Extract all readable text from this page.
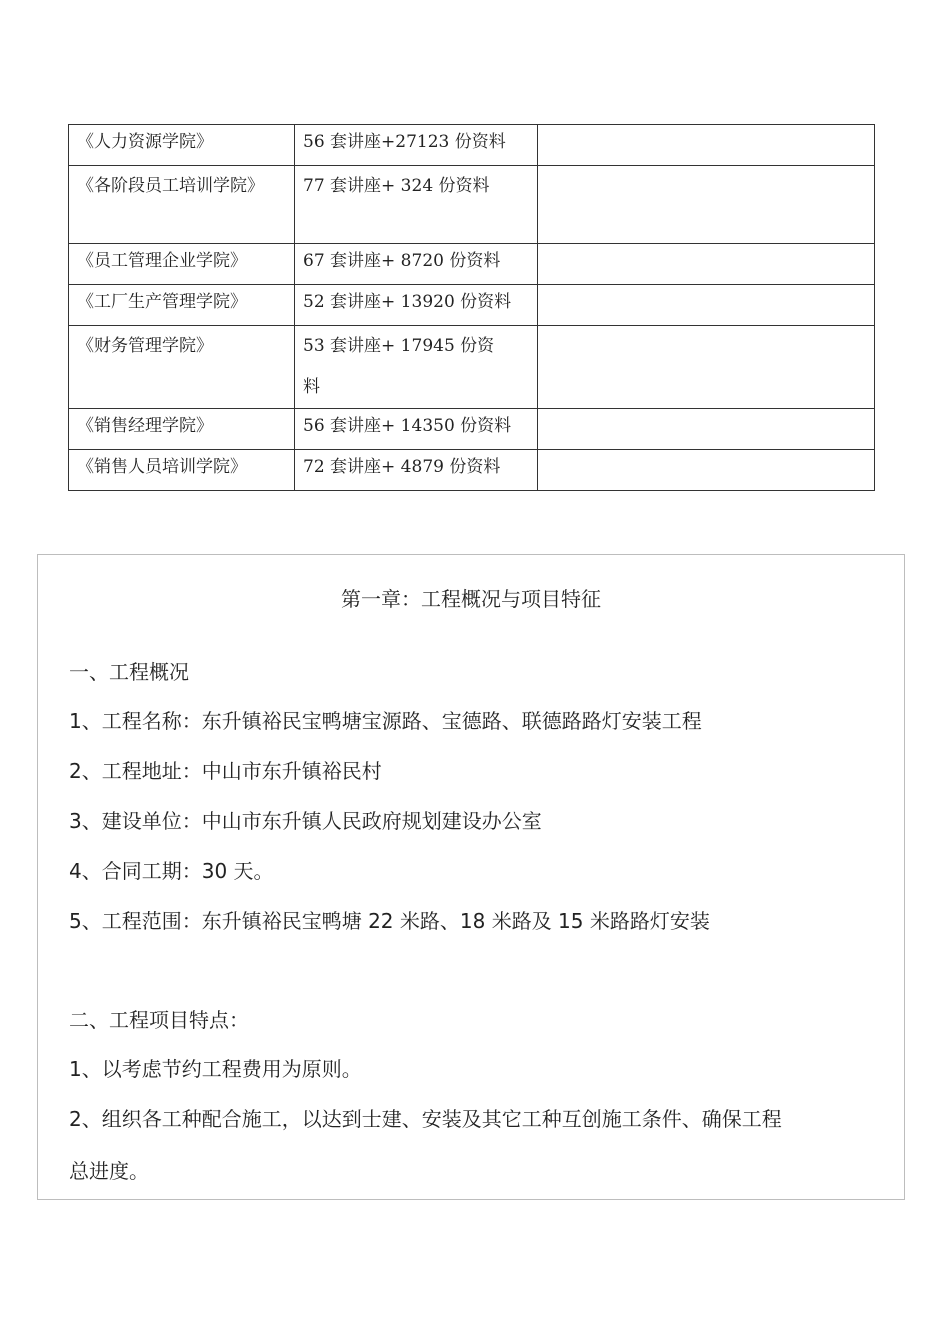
《人力资源学院》	56 套讲座+27123 份资料	
《各阶段员工培训学院》	77 套讲座+ 324 份资料	
《员工管理企业学院》	67 套讲座+ 8720 份资料	
《工厂生产管理学院》	52 套讲座+ 13920 份资料	
《财务管理学院》	53 套讲座+ 17945 份资料	
《销售经理学院》	56 套讲座+ 14350 份资料	
《销售人员培训学院》	72 套讲座+ 4879 份资料	
第一章：工程概况与项目特征
一、工程概况
1、工程名称：东升镇裕民宝鸭塘宝源路、宝德路、联德路路灯安装工程
2、工程地址：中山市东升镇裕民村
3、建设单位：中山市东升镇人民政府规划建设办公室
4、合同工期：30 天。
5、工程范围：东升镇裕民宝鸭塘 22 米路、18 米路及 15 米路路灯安装
二、工程项目特点：
1、以考虑节约工程费用为原则。
2、组织各工种配合施工，以达到士建、安装及其它工种互创施工条件、确保工程
总进度。
